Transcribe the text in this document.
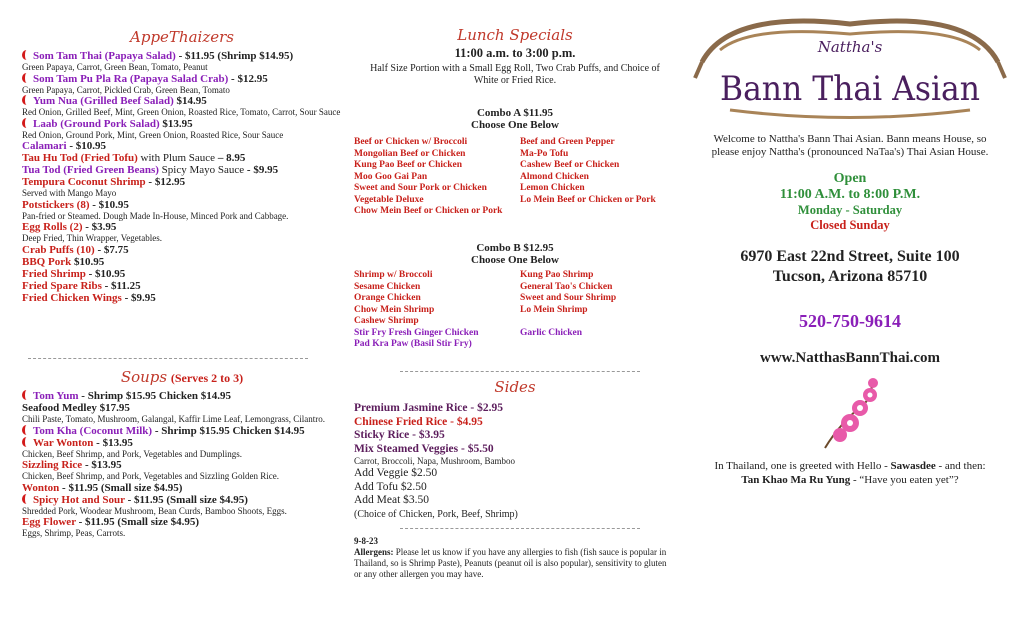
AppeThaizers

Som Tam Thai (Papaya Salad) - $11.95 (Shrimp $14.95)
Green Papaya, Carrot, Green Bean, Tomato, Peanut
Som Tam Pu Pla Ra (Papaya Salad Crab) - $12.95
Green Papaya, Carrot, Pickled Crab, Green Bean, Tomato
Yum Nua (Grilled Beef Salad) $14.95
Red Onion, Grilled Beef, Mint, Green Onion, Roasted Rice, Tomato, Carrot, Sour Sauce
Laab (Ground Pork Salad) $13.95
Red Onion, Ground Pork, Mint, Green Onion, Roasted Rice, Sour Sauce
Calamari - $10.95
Tau Hu Tod (Fried Tofu) with Plum Sauce – 8.95
Tua Tod (Fried Green Beans) Spicy Mayo Sauce - $9.95
Tempura Coconut Shrimp - $12.95
Served with Mango Mayo
Potstickers (8) - $10.95
Pan-fried or Steamed. Dough Made In-House, Minced Pork and Cabbage.
Egg Rolls (2) - $3.95
Deep Fried, Thin Wrapper, Vegetables.
Crab Puffs (10) - $7.75
BBQ Pork $10.95
Fried Shrimp - $10.95
Fried Spare Ribs - $11.25
Fried Chicken Wings - $9.95

Soups (Serves 2 to 3)

Tom Yum - Shrimp $15.95 Chicken $14.95
Seafood Medley $17.95
Chili Paste, Tomato, Mushroom, Galangal, Kaffir Lime Leaf, Lemongrass, Cilantro.
Tom Kha (Coconut Milk) - Shrimp $15.95 Chicken $14.95
War Wonton - $13.95
Chicken, Beef Shrimp, and Pork, Vegetables and Dumplings.
Sizzling Rice - $13.95
Chicken, Beef Shrimp, and Pork, Vegetables and Sizzling Golden Rice.
Wonton - $11.95 (Small size $4.95)
Spicy Hot and Sour - $11.95 (Small size $4.95)
Shredded Pork, Woodear Mushroom, Bean Curds, Bamboo Shoots, Eggs.
Egg Flower - $11.95 (Small size $4.95)
Eggs, Shrimp, Peas, Carrots.

Lunch Specials

11:00 a.m. to 3:00 p.m.
Half Size Portion with a Small Egg Roll, Two Crab Puffs, and Choice of White or Fried Rice.
Combo A $11.95
Choose One Below
Beef or Chicken w/ Broccoli
Mongolian Beef or Chicken
Kung Pao Beef or Chicken
Moo Goo Gai Pan
Sweet and Sour Pork or Chicken
Vegetable Deluxe
Chow Mein Beef or Chicken or Pork
Beef and Green Pepper
Ma-Po Tofu
Cashew Beef or Chicken
Almond Chicken
Lemon Chicken
Lo Mein Beef or Chicken or Pork
Combo B $12.95
Choose One Below
Shrimp w/ Broccoli
Sesame Chicken
Orange Chicken
Chow Mein Shrimp
Cashew Shrimp
Stir Fry Fresh Ginger Chicken
Pad Kra Paw (Basil Stir Fry)
Kung Pao Shrimp
General Tao's Chicken
Sweet and Sour Shrimp
Lo Mein Shrimp
Garlic Chicken

Sides

Premium Jasmine Rice - $2.95
Chinese Fried Rice - $4.95
Sticky Rice - $3.95
Mix Steamed Veggies - $5.50
Carrot, Broccoli, Napa, Mushroom, Bamboo
Add Veggie $2.50
Add Tofu $2.50
Add Meat $3.50
(Choice of Chicken, Pork, Beef, Shrimp)
9-8-23
Allergens: Please let us know if you have any allergies to fish (fish sauce is popular in Thailand, so is Shrimp Paste), Peanuts (peanut oil is also popular), sensitivity to gluten or any other allergen you may have.
Nattha's
Bann Thai Asian
Welcome to Nattha's Bann Thai Asian. Bann means House, so please enjoy Nattha's (pronounced NaTaa's) Thai Asian House.
Open
11:00 A.M. to 8:00 P.M.
Monday - Saturday
Closed Sunday
6970 East 22nd Street, Suite 100
Tucson, Arizona 85710
520-750-9614
www.NatthasBannThai.com
In Thailand, one is greeted with Hello - Sawasdee - and then:
Tan Khao Ma Ru Yung - “Have you eaten yet”?
